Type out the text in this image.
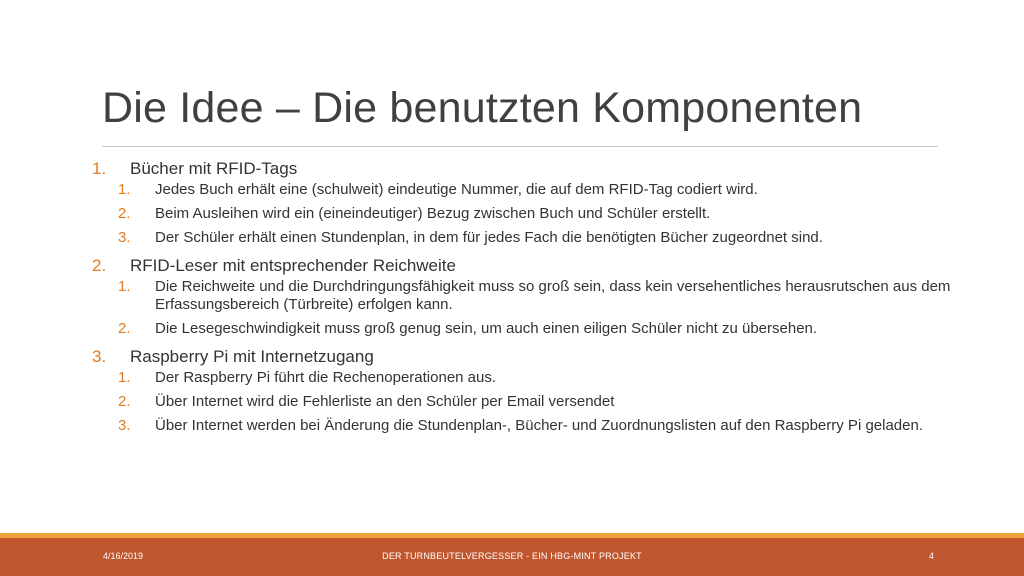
Die Idee – Die benutzten Komponenten
1. Bücher mit RFID-Tags
1. Jedes Buch erhält eine (schulweit) eindeutige Nummer, die auf dem RFID-Tag codiert wird.
2. Beim Ausleihen wird ein (eineindeutiger) Bezug zwischen Buch und Schüler erstellt.
3. Der Schüler erhält einen Stundenplan, in dem für jedes Fach die benötigten Bücher zugeordnet sind.
2. RFID-Leser mit entsprechender Reichweite
1. Die Reichweite und die Durchdringungsfähigkeit muss so groß sein, dass kein versehentliches herausrutschen aus dem Erfassungsbereich (Türbreite) erfolgen kann.
2. Die Lesegeschwindigkeit muss groß genug sein, um auch einen eiligen Schüler nicht zu übersehen.
3. Raspberry Pi mit Internetzugang
1. Der Raspberry Pi führt die Rechenoperationen aus.
2. Über Internet wird die Fehlerliste an den Schüler per Email versendet
3. Über Internet werden bei Änderung die Stundenplan-, Bücher- und Zuordnungslisten auf den Raspberry Pi geladen.
4/16/2019	DER TURNBEUTELVERGESSER - EIN HBG-MINT PROJEKT	4
